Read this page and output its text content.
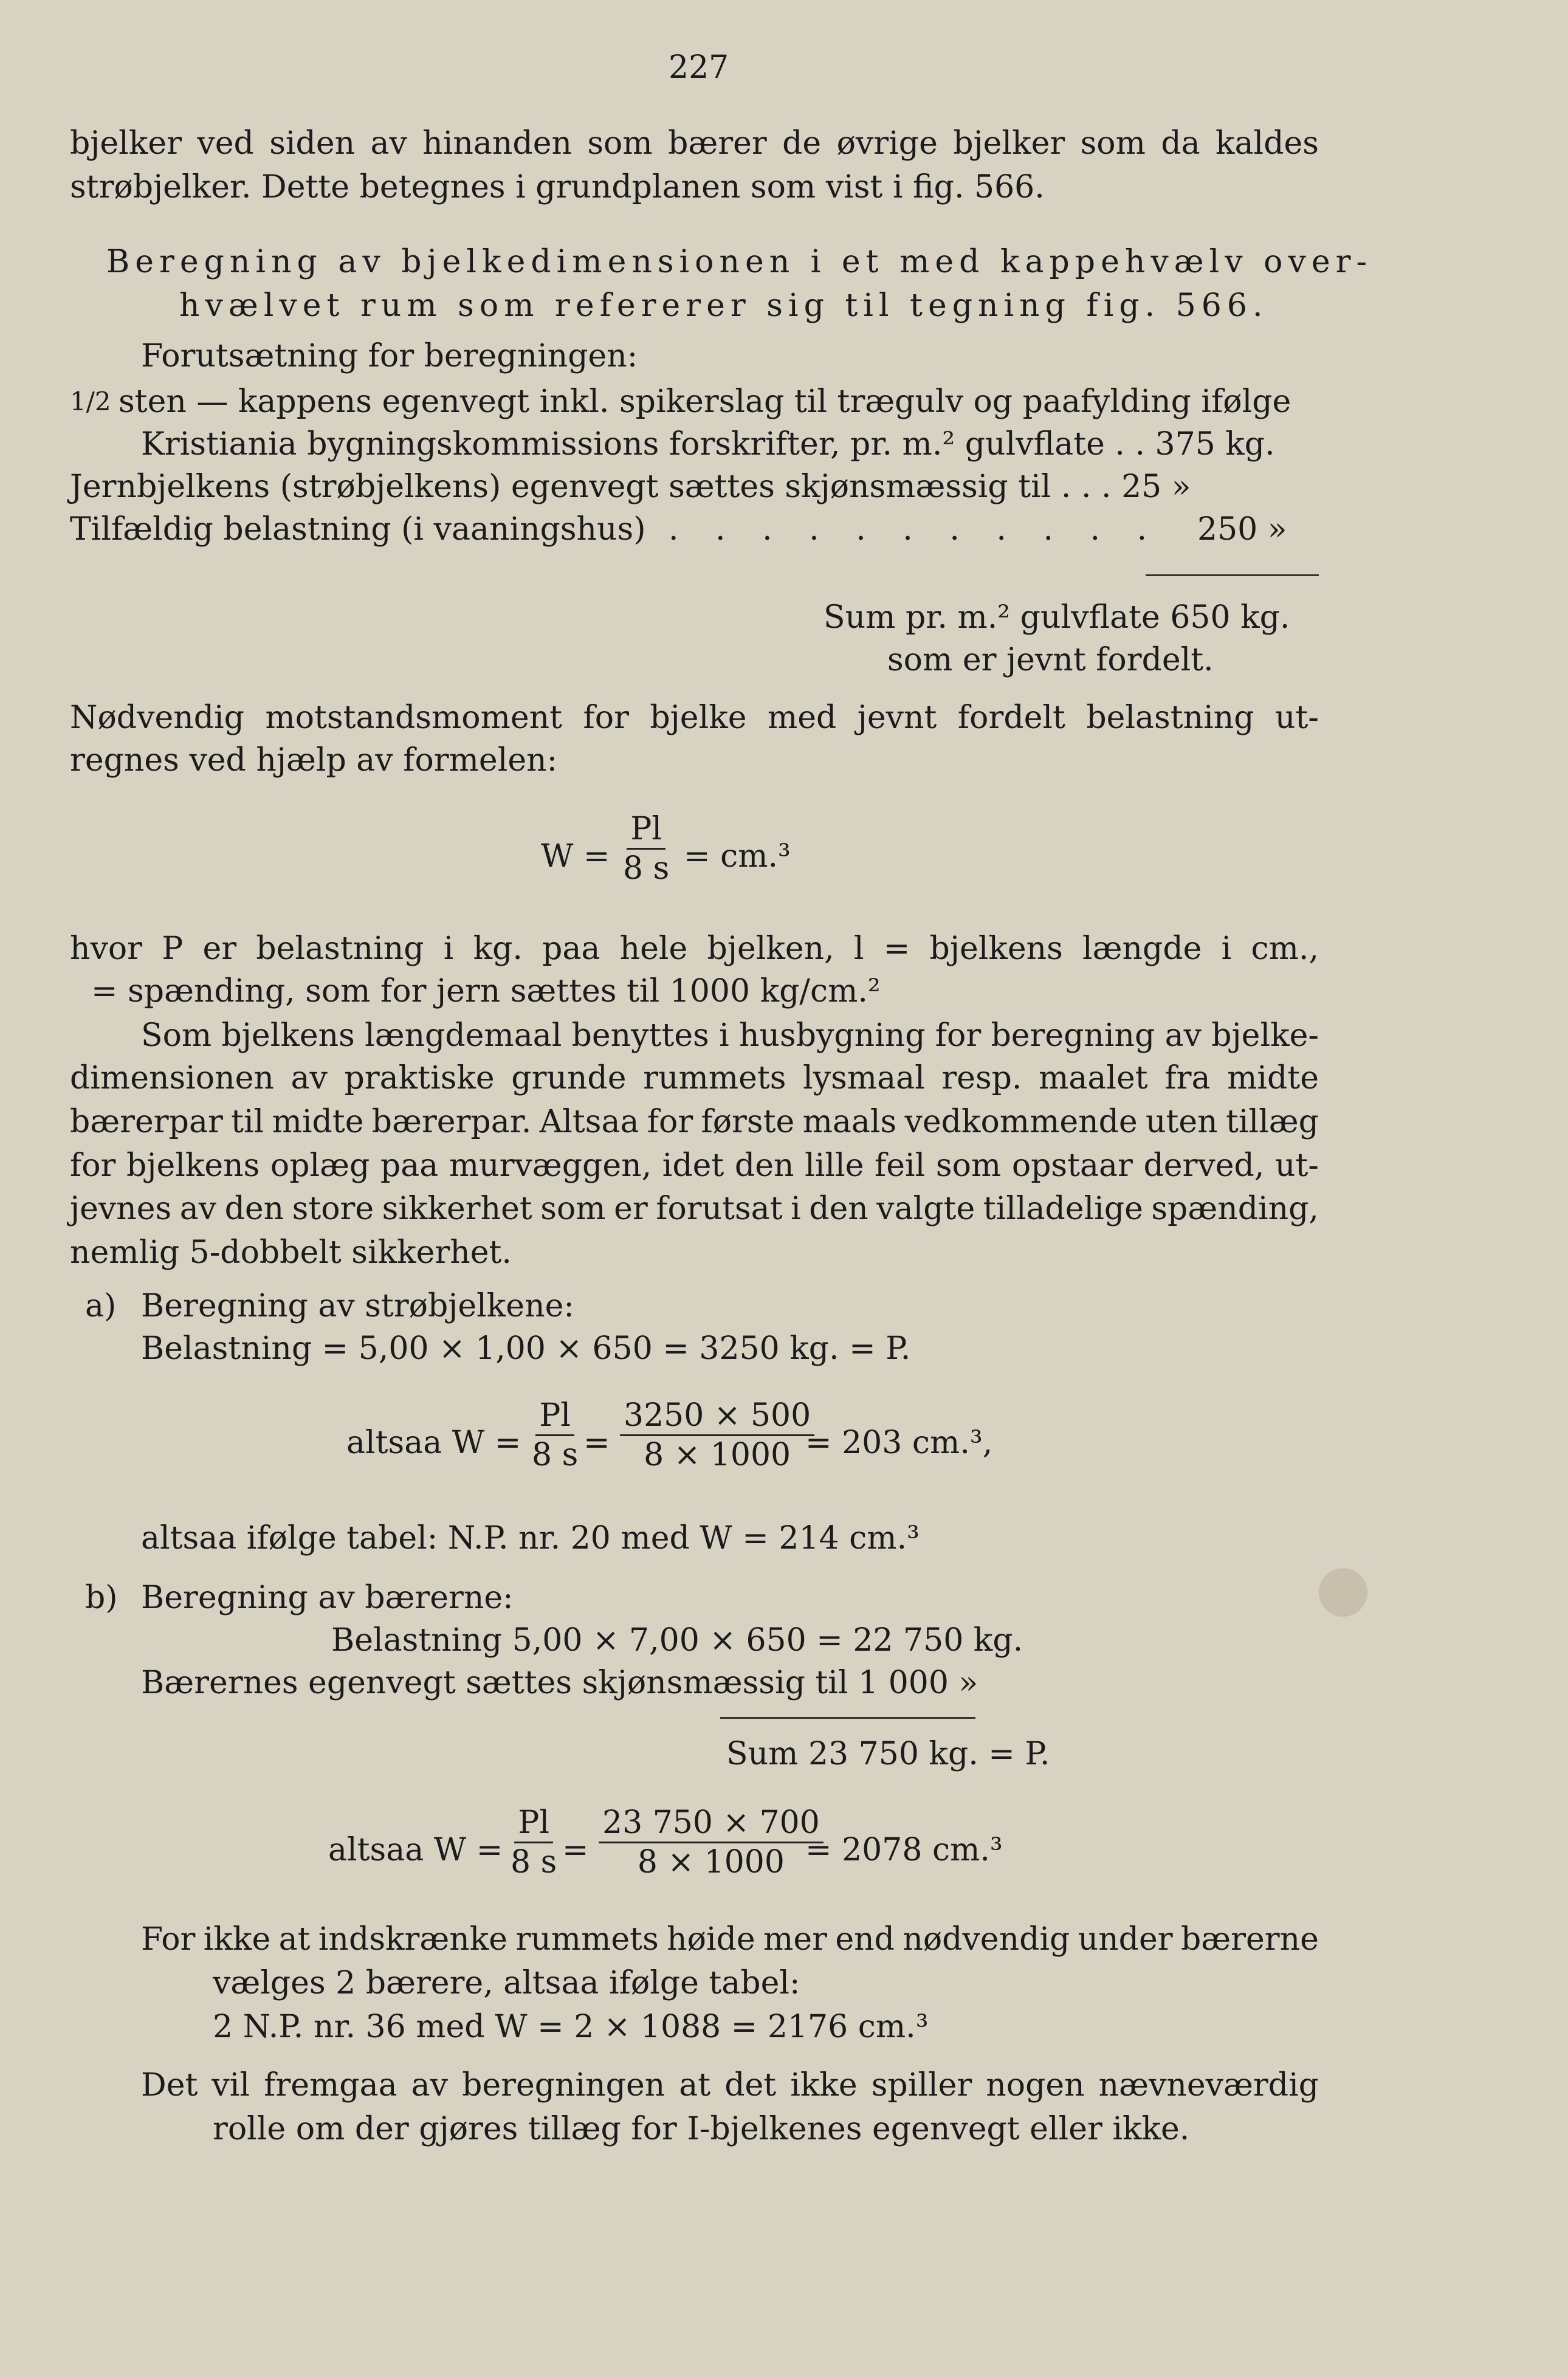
227
bjelker ved siden av hinanden som bærer de øvrige bjelker som da kaldes
strøbjelker. Dette betegnes i grundplanen som vist i fig. 566.
Beregning av bjelkedimensionen i et med kappehvælv over-
hvælvet rum som refererer sig til tegning fig. 566.
Forutsætning for beregningen:
1/2 sten — kappens egenvegt inkl. spikerslag til trægulv og paafylding ifølge
Kristiania bygningskommissions forskrifter, pr. m.² gulvflate . . 375 kg.
Jernbjelkens (strøbjelkens) egenvegt sættes skjønsmæssig til . . . 25 »
Tilfældig belastning (i vaaningshus) . . . . . . . . . . . 250 »
Sum pr. m.² gulvflate 650 kg.
som er jevnt fordelt.
Nødvendig motstandsmoment for bjelke med jevnt fordelt belastning ut-
regnes ved hjælp av formelen:
$W = \frac{Pl}{8 s} = cm.^3$
hvor P er belastning i kg. paa hele bjelken, l = bjelkens længde i cm.,
= spænding, som for jern sættes til 1000 kg/cm.²
Som bjelkens længdemaal benyttes i husbygning for beregning av bjelke-
dimensionen av praktiske grunde rummets lysmaal resp. maalet fra midte
bærerpar til midte bærerpar. Altsaa for første maals vedkommende uten tillæg
for bjelkens oplæg paa murvæggen, idet den lille feil som opstaar derved, ut-
jevnes av den store sikkerhet som er forutsat i den valgte tilladelige spænding,
nemlig 5-dobbelt sikkerhet.
a) Beregning av strøbjelkene:
Belastning = 5,00 × 1,00 × 650 = 3250 kg. = P.
altsaa $W = \frac{Pl}{8 s} = \frac{3250 \times 500}{8 \times 1000}$
= 203 cm.³,
altsaa ifølge tabel: N.P. nr. 20 med W = 214 cm.³
b) Beregning av bærerne:
Belastning 5,00 × 7,00 × 650 = 22 750 kg.
Bærernes egenvegt sættes skjønsmæssig til 1 000 »
Sum 23 750 kg. = P.
altsaa $W = \frac{Pl}{8 s} = \frac{23 750 \times 700}{8 \times 1000}$
= 2078 cm.³
For ikke at indskrænke rummets høide mer end nødvendig under bærerne
vælges 2 bærere, altsaa ifølge tabel:
2 N.P. nr. 36 med W = 2 × 1088 = 2176 cm.³
Det vil fremgaa av beregningen at det ikke spiller nogen nævneværdig
rolle om der gjøres tillæg for I-bjelkenes egenvegt eller ikke.
